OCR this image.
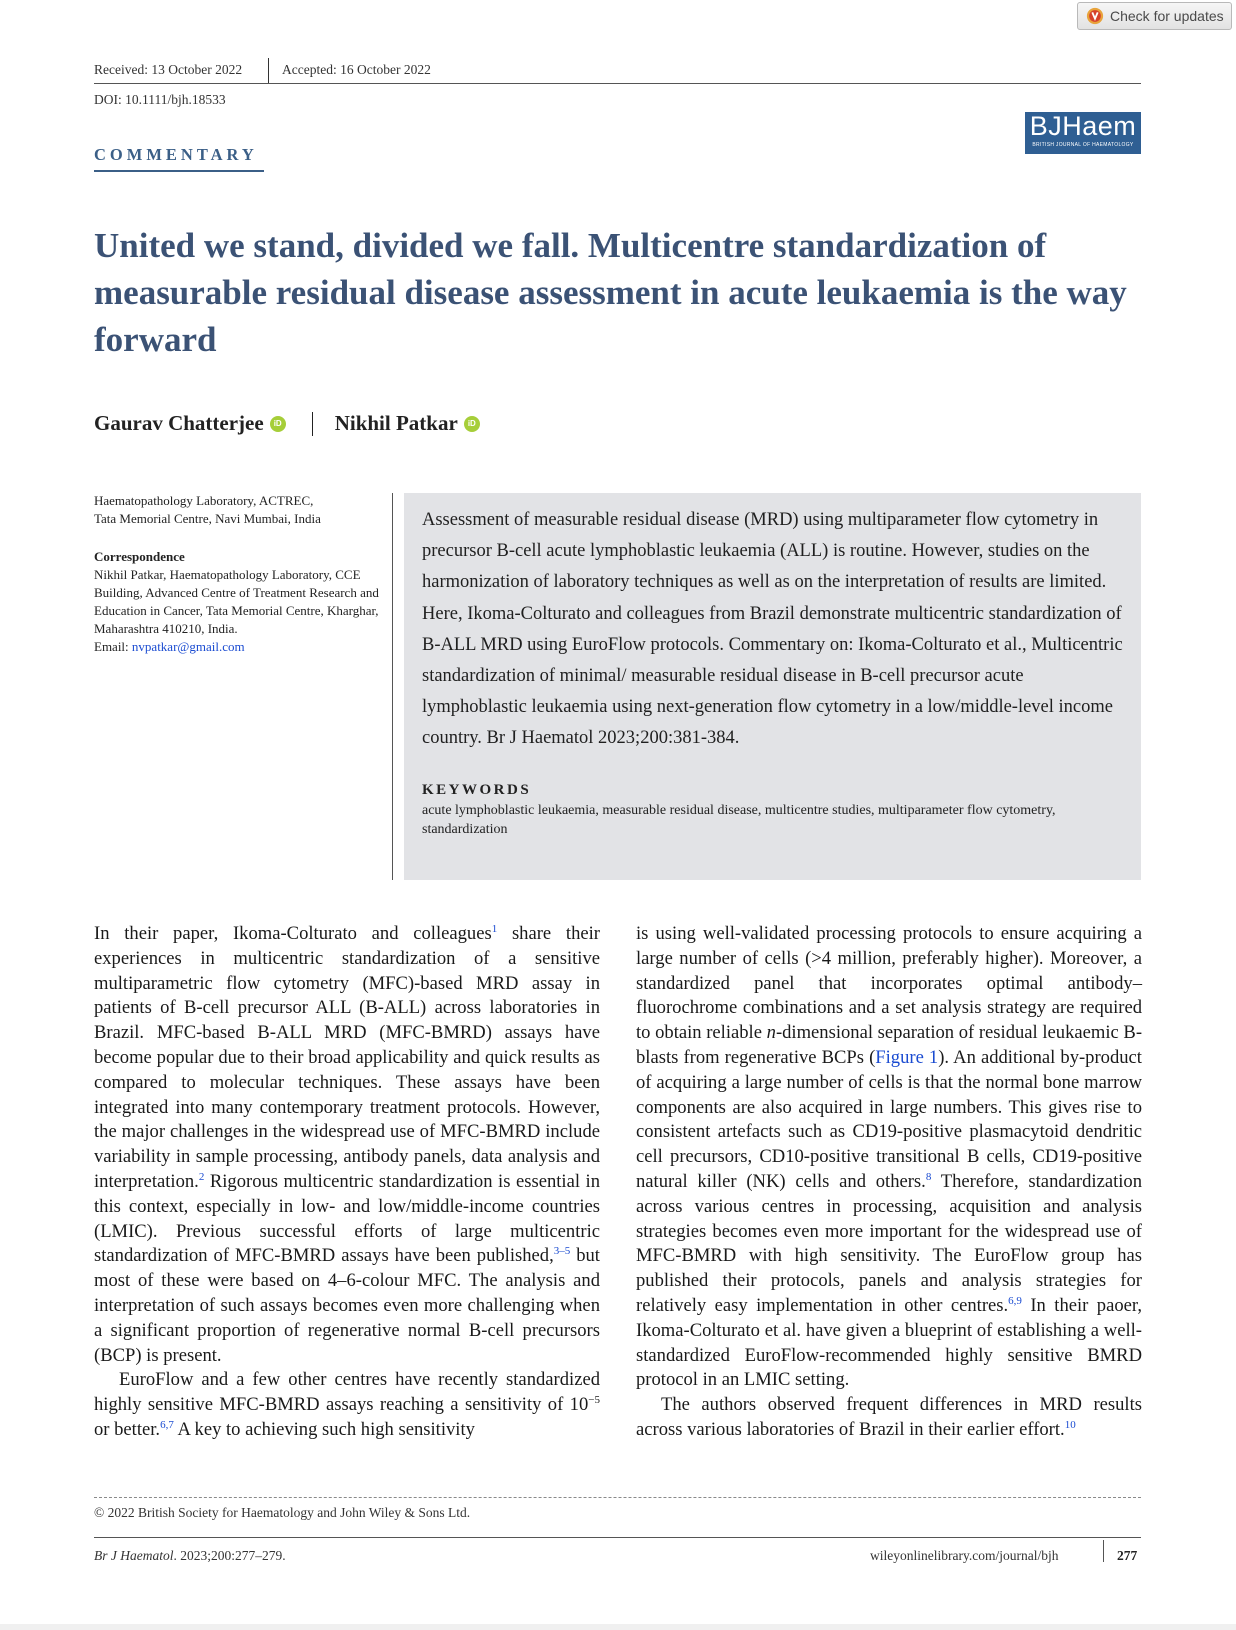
Check for updates
Received: 13 October 2022	Accepted: 16 October 2022
DOI: 10.1111/bjh.18533
COMMENTARY
BJHaem
BRITISH JOURNAL OF HAEMATOLOGY
United we stand, divided we fall. Multicentre standardization of measurable residual disease assessment in acute leukaemia is the way forward
Gaurav Chatterjee	iD	Nikhil Patkar	iD

Haematopathology Laboratory, ACTREC,

Tata Memorial Centre, Navi Mumbai, India

Correspondence

Nikhil Patkar, Haematopathology Laboratory, CCE Building, Advanced Centre of Treatment Research and Education in Cancer, Tata Memorial Centre, Kharghar, Maharashtra 410210, India.

Email: nvpatkar@gmail.com

Assessment of measurable residual disease (MRD) using multiparameter flow cytometry in precursor B-cell acute lymphoblastic leukaemia (ALL) is routine. However, studies on the harmonization of laboratory techniques as well as on the interpretation of results are limited. Here, Ikoma-Colturato and colleagues from Brazil demonstrate multicentric standardization of B-ALL MRD using EuroFlow protocols. Commentary on: Ikoma-Colturato et al., Multicentric standardization of minimal/ measurable residual disease in B-cell precursor acute lymphoblastic leukaemia using next-generation flow cytometry in a low/middle-level income country. Br J Haematol 2023;200:381-384.
KEYWORDS
acute lymphoblastic leukaemia, measurable residual disease, multicentre studies, multiparameter flow cytometry, standardization

In their paper, Ikoma-Colturato and colleagues$^1$ share their experiences in multicentric standardization of a sensitive multiparametric flow cytometry (MFC)-based MRD assay in patients of B-cell precursor ALL (B-ALL) across laboratories in Brazil. MFC-based B-ALL MRD (MFC-BMRD) assays have become popular due to their broad applicability and quick results as compared to molecular techniques. These assays have been integrated into many contemporary treatment protocols. However, the major challenges in the widespread use of MFC-BMRD include variability in sample processing, antibody panels, data analysis and interpretation.$^2$ Rigorous multicentric standardization is essential in this context, especially in low- and low/middle-income countries (LMIC). Previous successful efforts of large multicentric standardization of MFC-BMRD assays have been published,$^{3-5}$ but most of these were based on 4–6-colour MFC. The analysis and interpretation of such assays becomes even more challenging when a significant proportion of regenerative normal B-cell precursors (BCP) is present.

EuroFlow and a few other centres have recently standardized highly sensitive MFC-BMRD assays reaching a sensitivity of $10^{-5}$ or better.$^{6,7}$ A key to achieving such high sensitivity

is using well-validated processing protocols to ensure acquiring a large number of cells (>4 million, preferably higher). Moreover, a standardized panel that incorporates optimal antibody–fluorochrome combinations and a set analysis strategy are required to obtain reliable n-dimensional separation of residual leukaemic B-blasts from regenerative BCPs (Figure 1). An additional by-product of acquiring a large number of cells is that the normal bone marrow components are also acquired in large numbers. This gives rise to consistent artefacts such as CD19-positive plasmacytoid dendritic cell precursors, CD10-positive transitional B cells, CD19-positive natural killer (NK) cells and others.$^8$ Therefore, standardization across various centres in processing, acquisition and analysis strategies becomes even more important for the widespread use of MFC-BMRD with high sensitivity. The EuroFlow group has published their protocols, panels and analysis strategies for relatively easy implementation in other centres.$^{6,9}$ In their paoer, Ikoma-Colturato et al. have given a blueprint of establishing a well-standardized EuroFlow-recommended highly sensitive BMRD protocol in an LMIC setting.

The authors observed frequent differences in MRD results across various laboratories of Brazil in their earlier effort.$^{10}$

© 2022 British Society for Haematology and John Wiley & Sons Ltd.
Br J Haematol. 2023;200:277–279.	wileyonlinelibrary.com/journal/bjh	277
